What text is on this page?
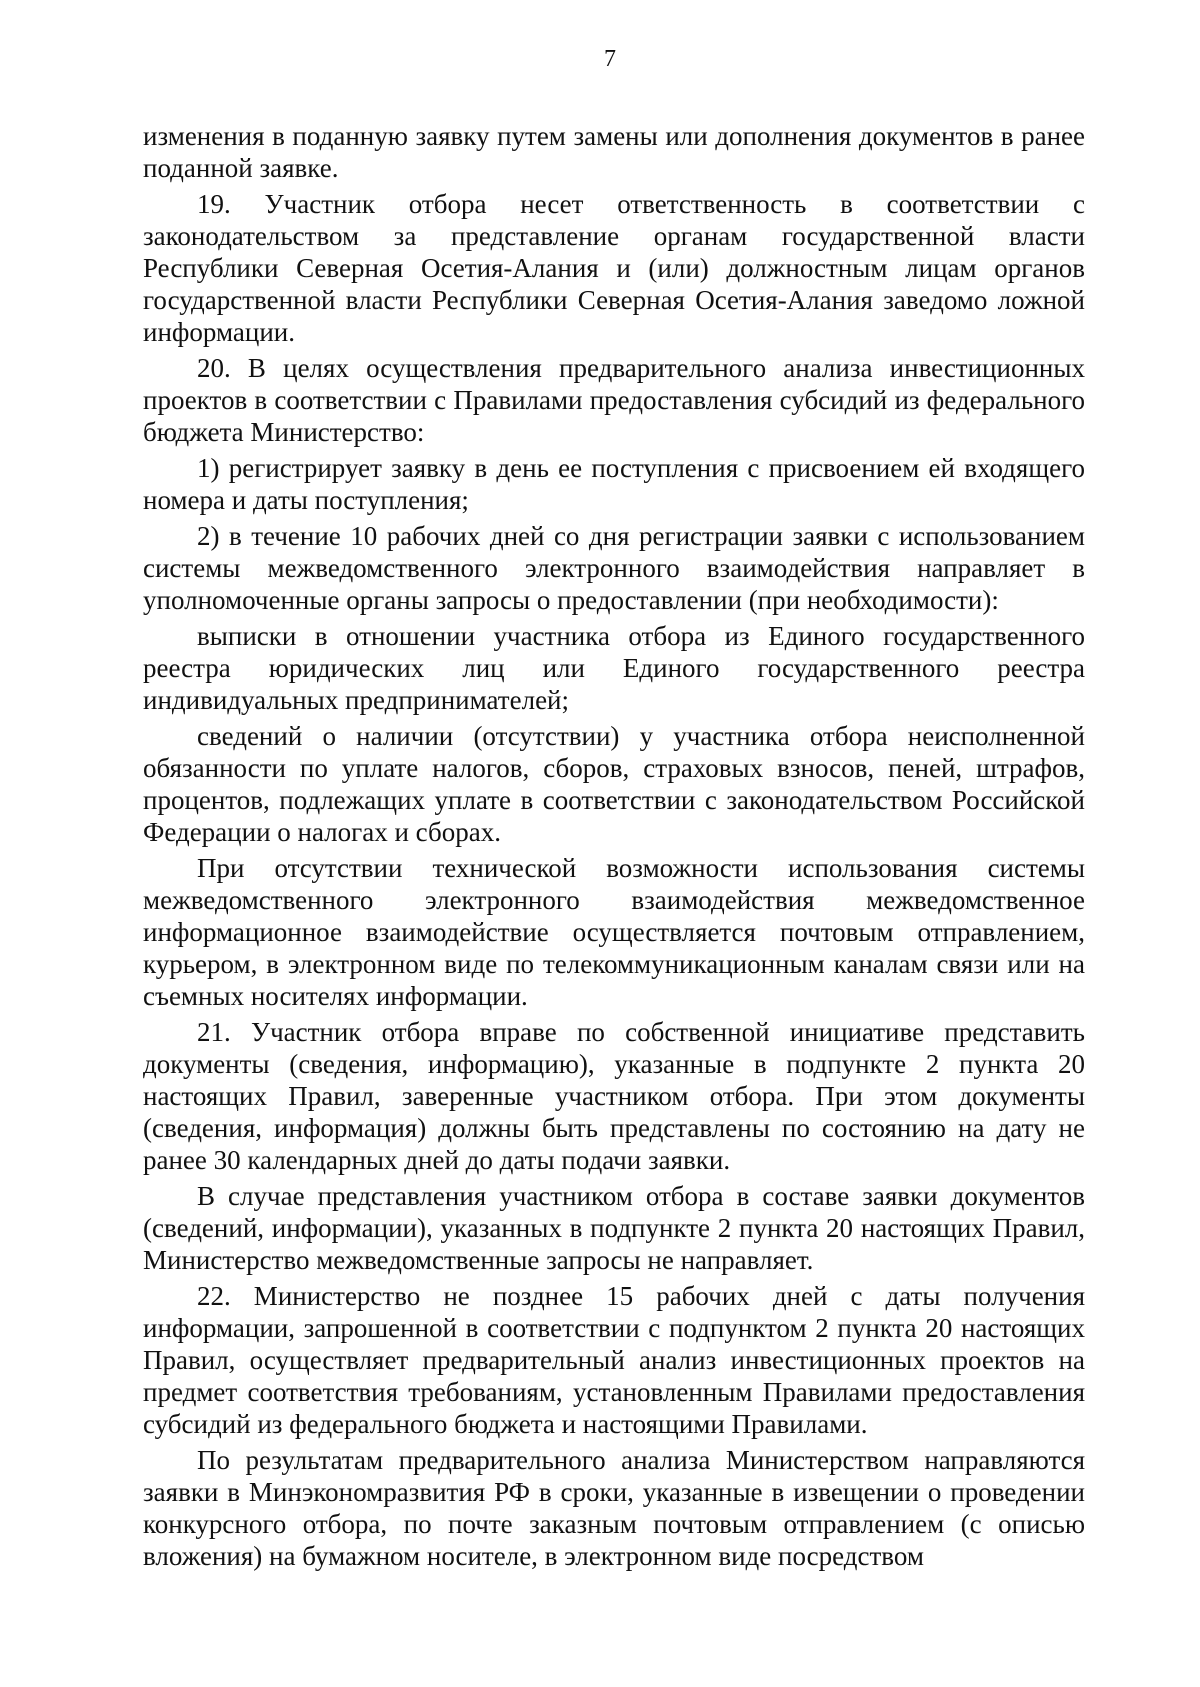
7

изменения в поданную заявку путем замены или дополнения документов в ранее поданной заявке.

19. Участник отбора несет ответственность в соответствии с законодательством за представление органам государственной власти Республики Северная Осетия-Алания и (или) должностным лицам органов государственной власти Республики Северная Осетия-Алания заведомо ложной информации.

20. В целях осуществления предварительного анализа инвестиционных проектов в соответствии с Правилами предоставления субсидий из федерального бюджета Министерство:

1) регистрирует заявку в день ее поступления с присвоением ей входящего номера и даты поступления;

2) в течение 10 рабочих дней со дня регистрации заявки с использованием системы межведомственного электронного взаимодействия направляет в уполномоченные органы запросы о предоставлении (при необходимости):

выписки в отношении участника отбора из Единого государственного реестра юридических лиц или Единого государственного реестра индивидуальных предпринимателей;

сведений о наличии (отсутствии) у участника отбора неисполненной обязанности по уплате налогов, сборов, страховых взносов, пеней, штрафов, процентов, подлежащих уплате в соответствии с законодательством Российской Федерации о налогах и сборах.

При отсутствии технической возможности использования системы межведомственного электронного взаимодействия межведомственное информационное взаимодействие осуществляется почтовым отправлением, курьером, в электронном виде по телекоммуникационным каналам связи или на съемных носителях информации.

21. Участник отбора вправе по собственной инициативе представить документы (сведения, информацию), указанные в подпункте 2 пункта 20 настоящих Правил, заверенные участником отбора. При этом документы (сведения, информация) должны быть представлены по состоянию на дату не ранее 30 календарных дней до даты подачи заявки.

В случае представления участником отбора в составе заявки документов (сведений, информации), указанных в подпункте 2 пункта 20 настоящих Правил, Министерство межведомственные запросы не направляет.

22. Министерство не позднее 15 рабочих дней с даты получения информации, запрошенной в соответствии с подпунктом 2 пункта 20 настоящих Правил, осуществляет предварительный анализ инвестиционных проектов на предмет соответствия требованиям, установленным Правилами предоставления субсидий из федерального бюджета и настоящими Правилами.

По результатам предварительного анализа Министерством направляются заявки в Минэкономразвития РФ в сроки, указанные в извещении о проведении конкурсного отбора, по почте заказным почтовым отправлением (с описью вложения) на бумажном носителе, в электронном виде посредством
